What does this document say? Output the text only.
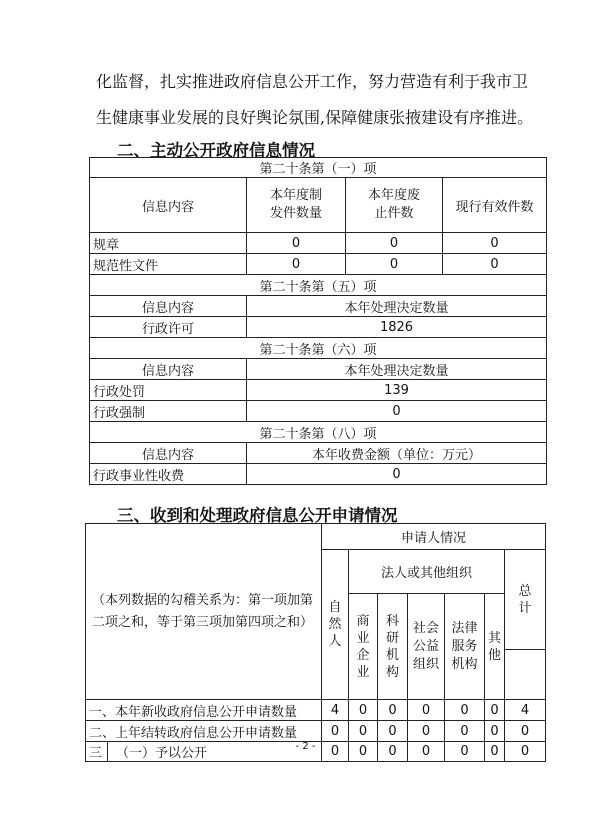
化监督，扎实推进政府信息公开工作，努力营造有利于我市卫
生健康事业发展的良好舆论氛围,保障健康张掖建设有序推进。
二、主动公开政府信息情况
第二十条第（一）项			
信息内容	本年度制发件数量	本年度废止件数	现行有效件数
规章	0	0	0
规范性文件	0	0	0
第二十条第（五）项			
信息内容	本年处理决定数量		
行政许可	1826		
第二十条第（六）项			
信息内容	本年处理决定数量		
行政处罚	139		
行政强制	0		
第二十条第（八）项			
信息内容	本年收费金额（单位：万元）		
行政事业性收费	0		
三、收到和处理政府信息公开申请情况
（本列数据的勾稽关系为：第一项加第二项之和，等于第三项加第四项之和）	申请人情况						

	自然人	法人或其他组织					总计

		商业企业	科研机构	社会公益组织	法律服务机构	其他	

一、本年新收政府信息公开申请数量	4	0	0	0	0	0	4
二、上年结转政府信息公开申请数量	0	0	0	0	0	0	0
三 （一）予以公开	0	0	0	0	0	0	0
- 2 -
